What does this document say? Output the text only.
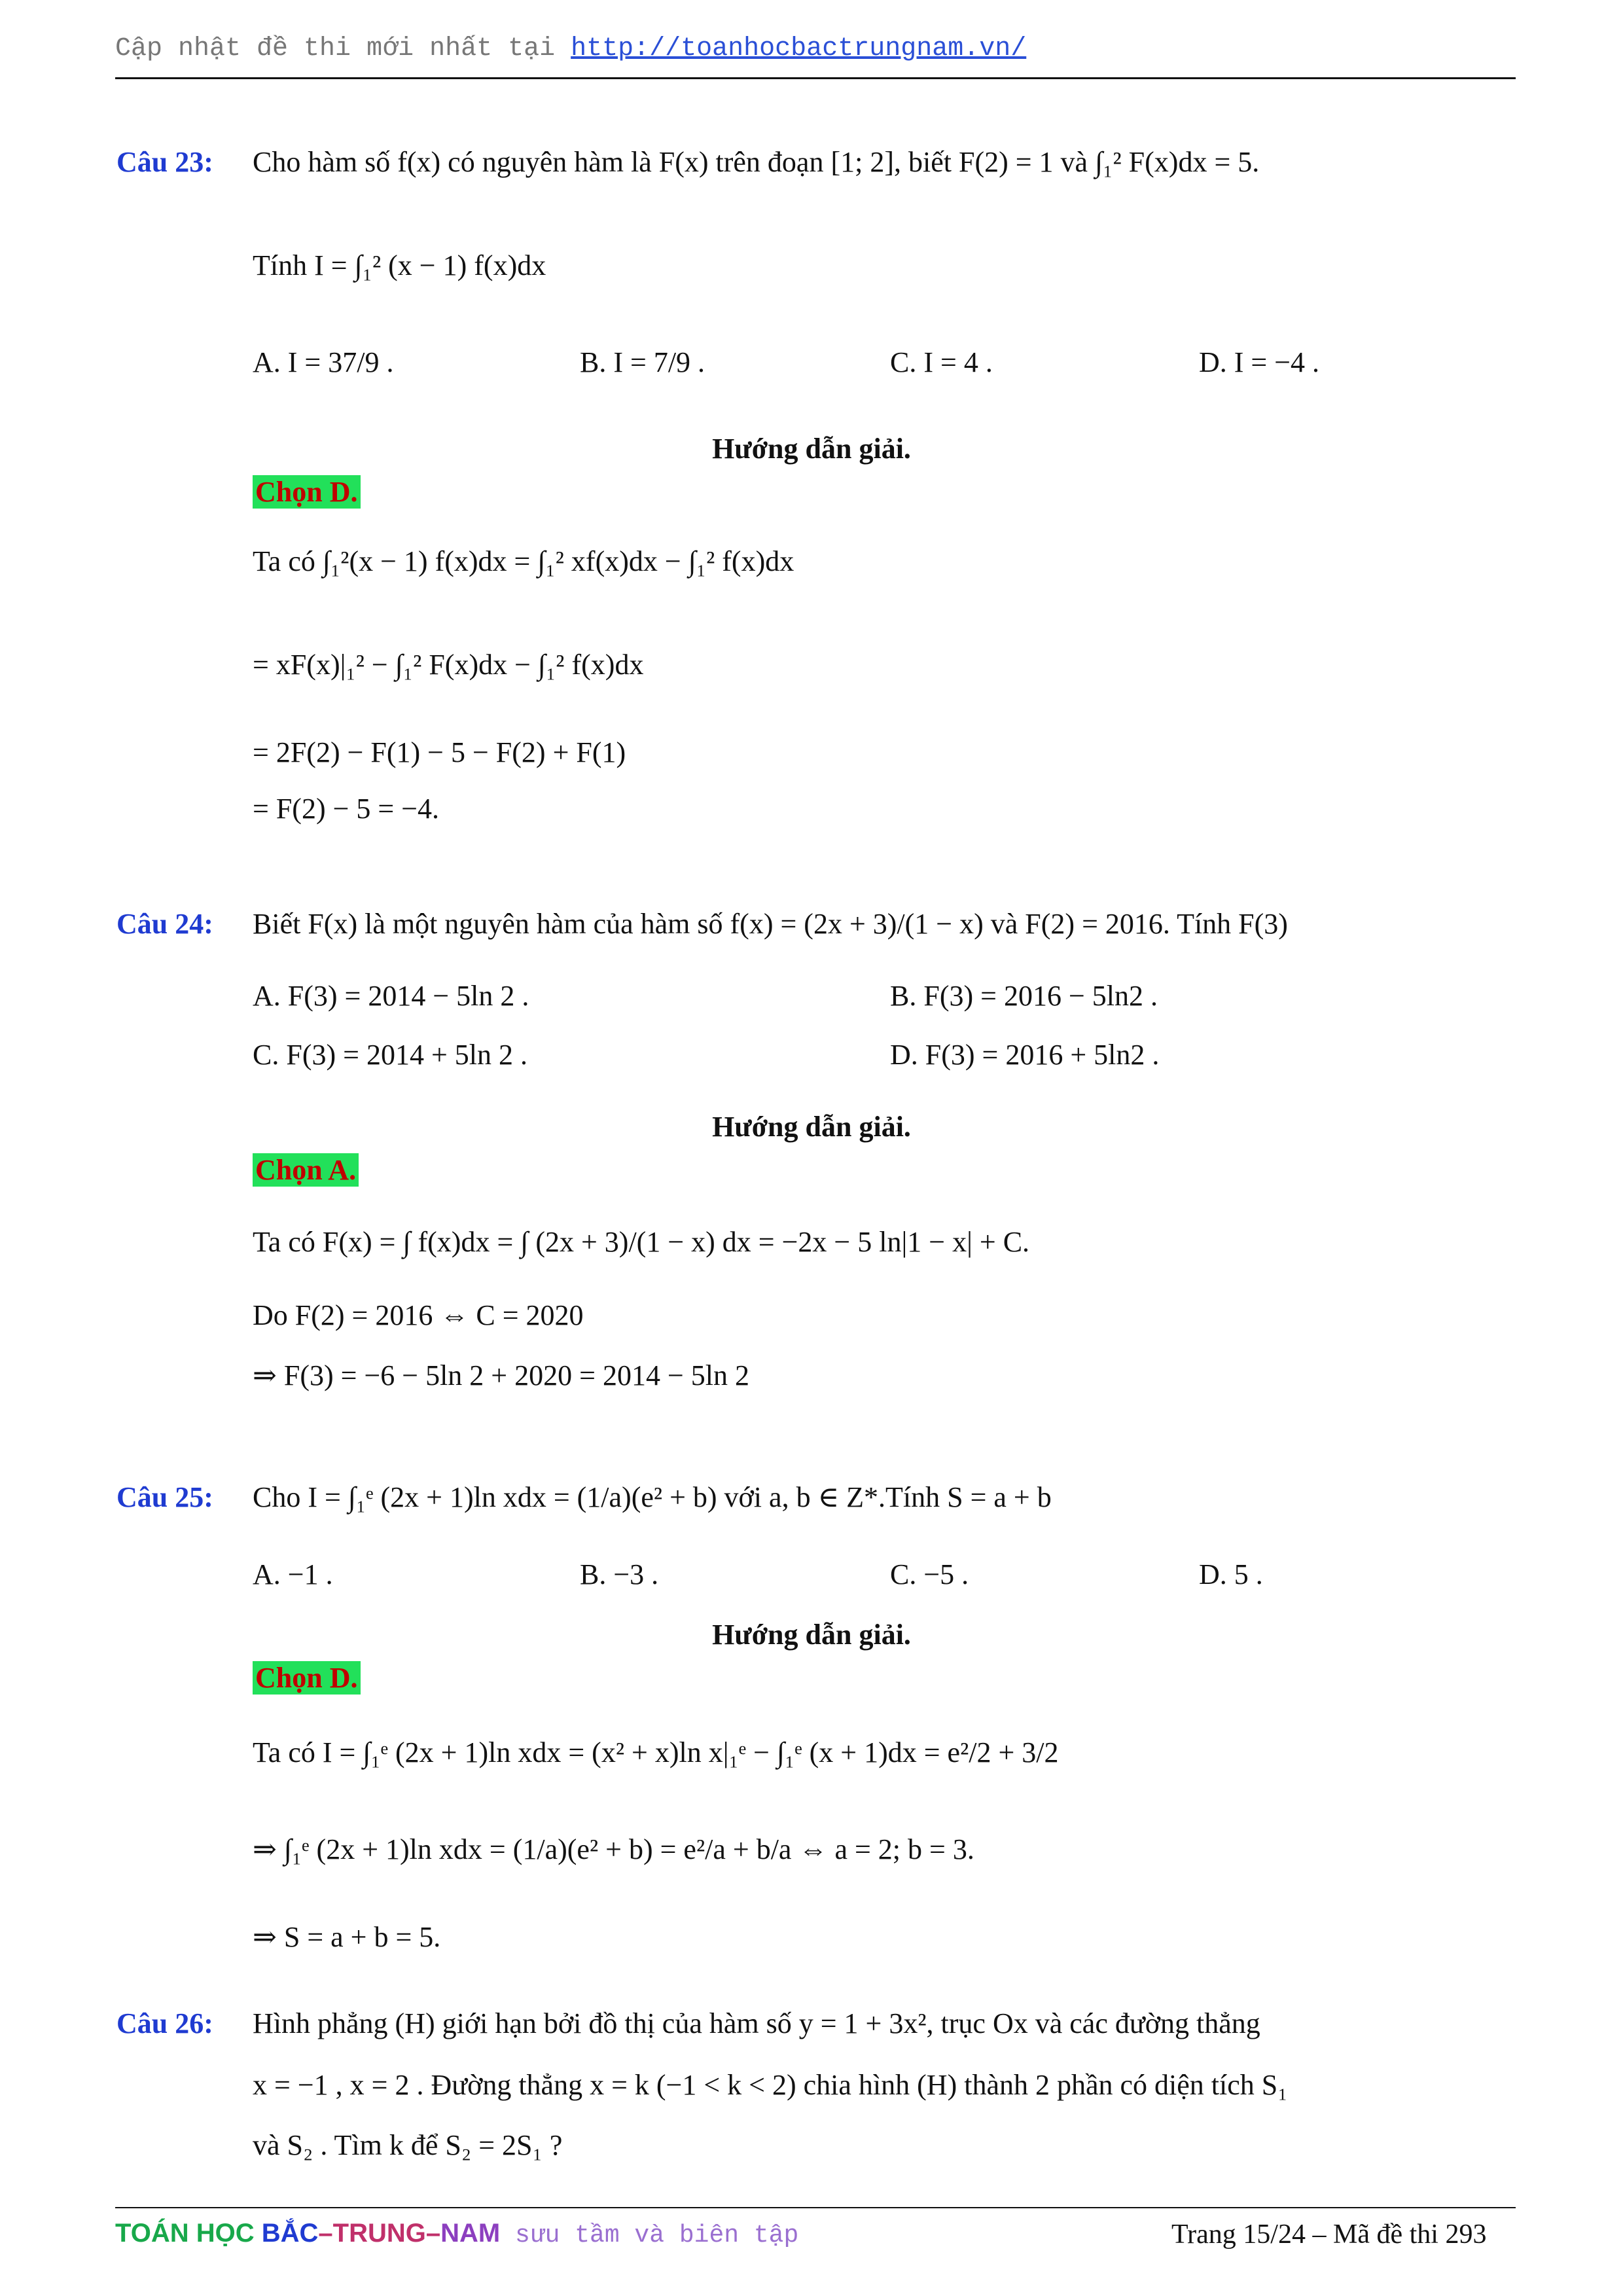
Cập nhật đề thi mới nhất tại http://toanhocbactrungnam.vn/
Câu 23: Cho hàm số f(x) có nguyên hàm là F(x) trên đoạn [1; 2], biết F(2) = 1 và ∫₁² F(x)dx = 5.
Tính I = ∫₁² (x − 1) f(x)dx
A. I = 37/9 .	B. I = 7/9 .	C. I = 4 .	D. I = −4 .
Hướng dẫn giải.
Chọn D.
Ta có ∫₁²(x − 1) f(x)dx = ∫₁² xf(x)dx − ∫₁² f(x)dx
= xF(x)|₁² − ∫₁² F(x)dx − ∫₁² f(x)dx
= 2F(2) − F(1) − 5 − F(2) + F(1)
= F(2) − 5 = −4.
Câu 24: Biết F(x) là một nguyên hàm của hàm số f(x) = (2x + 3)/(1 − x) và F(2) = 2016. Tính F(3)
A. F(3) = 2014 − 5ln 2 .	B. F(3) = 2016 − 5ln2 .
C. F(3) = 2014 + 5ln 2 .	D. F(3) = 2016 + 5ln2 .
Hướng dẫn giải.
Chọn A.
Ta có F(x) = ∫ f(x)dx = ∫ (2x + 3)/(1 − x) dx = −2x − 5 ln|1 − x| + C.
Do F(2) = 2016 ⇔ C = 2020
⇒ F(3) = −6 − 5ln 2 + 2020 = 2014 − 5ln 2
Câu 25: Cho I = ∫₁ᵉ (2x + 1)ln xdx = (1/a)(e² + b) với a, b ∈ Z*.Tính S = a + b
A. −1 .	B. −3 .	C. −5 .	D. 5 .
Hướng dẫn giải.
Chọn D.
Ta có I = ∫₁ᵉ (2x + 1)ln xdx = (x² + x)ln x|₁ᵉ − ∫₁ᵉ (x + 1)dx = e²/2 + 3/2
⇒ ∫₁ᵉ (2x + 1)ln xdx = (1/a)(e² + b) = e²/a + b/a ⇔ a = 2; b = 3.
⇒ S = a + b = 5.
Câu 26: Hình phẳng (H) giới hạn bởi đồ thị của hàm số y = 1 + 3x², trục Ox và các đường thẳng
x = −1 , x = 2 . Đường thẳng x = k (−1 < k < 2) chia hình (H) thành 2 phần có diện tích S₁
và S₂ . Tìm k để S₂ = 2S₁ ?
TOÁN HỌC BẮC–TRUNG–NAM sưu tầm và biên tập	Trang 15/24 – Mã đề thi 293
